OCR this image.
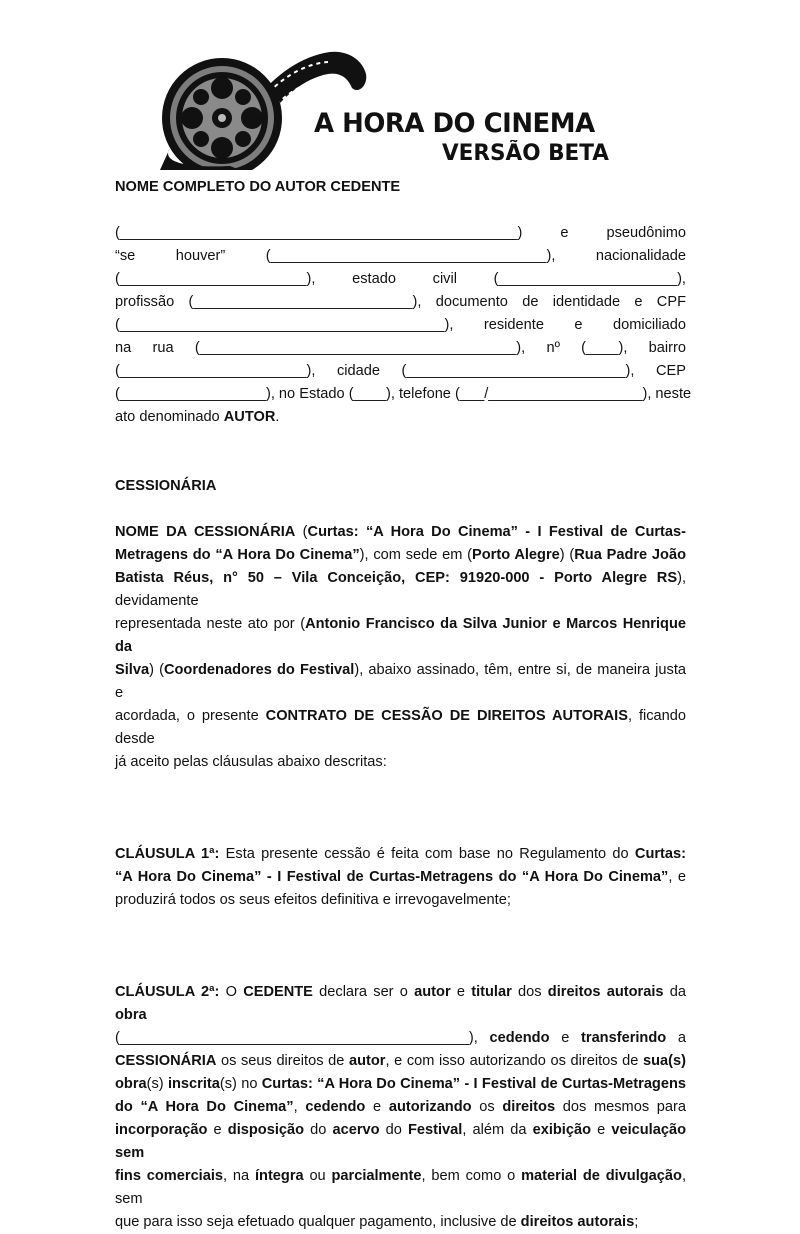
A HORA DO CINEMA
VERSÃO BETA

NOME COMPLETO DO AUTOR CEDENTE

(_________________________________________________) e pseudônimo

“se houver” (__________________________________), nacionalidade

(_______________________), estado civil (______________________),

profissão (___________________________), documento de identidade e CPF

(________________________________________), residente e domiciliado

na rua (_______________________________________), nº (____), bairro

(_______________________), cidade (___________________________), CEP

(__________________), no Estado (____), telefone (___/___________________), neste

ato denominado AUTOR.

CESSIONÁRIA

NOME DA CESSIONÁRIA (Curtas: “A Hora Do Cinema” - I Festival de Curtas-

Metragens do “A Hora Do Cinema”), com sede em (Porto Alegre) (Rua Padre João

Batista Réus, n° 50 – Vila Conceição, CEP: 91920-000 - Porto Alegre RS), devidamente

representada neste ato por (Antonio Francisco da Silva Junior e Marcos Henrique da

Silva) (Coordenadores do Festival), abaixo assinado, têm, entre si, de maneira justa e

acordada, o presente CONTRATO DE CESSÃO DE DIREITOS AUTORAIS, ficando desde

já aceito pelas cláusulas abaixo descritas:

CLÁUSULA 1ª: Esta presente cessão é feita com base no Regulamento do Curtas:

“A Hora Do Cinema” - I Festival de Curtas-Metragens do “A Hora Do Cinema”, e

produzirá todos os seus efeitos definitiva e irrevogavelmente;

CLÁUSULA 2ª: O CEDENTE declara ser o autor e titular dos direitos autorais da obra

(___________________________________________), cedendo e transferindo a

CESSIONÁRIA os seus direitos de autor, e com isso autorizando os direitos de sua(s)

obra(s) inscrita(s) no Curtas: “A Hora Do Cinema” - I Festival de Curtas-Metragens

do “A Hora Do Cinema”, cedendo e autorizando os direitos dos mesmos para

incorporação e disposição do acervo do Festival, além da exibição e veiculação sem

fins comerciais, na íntegra ou parcialmente, bem como o material de divulgação, sem

que para isso seja efetuado qualquer pagamento, inclusive de direitos autorais;
